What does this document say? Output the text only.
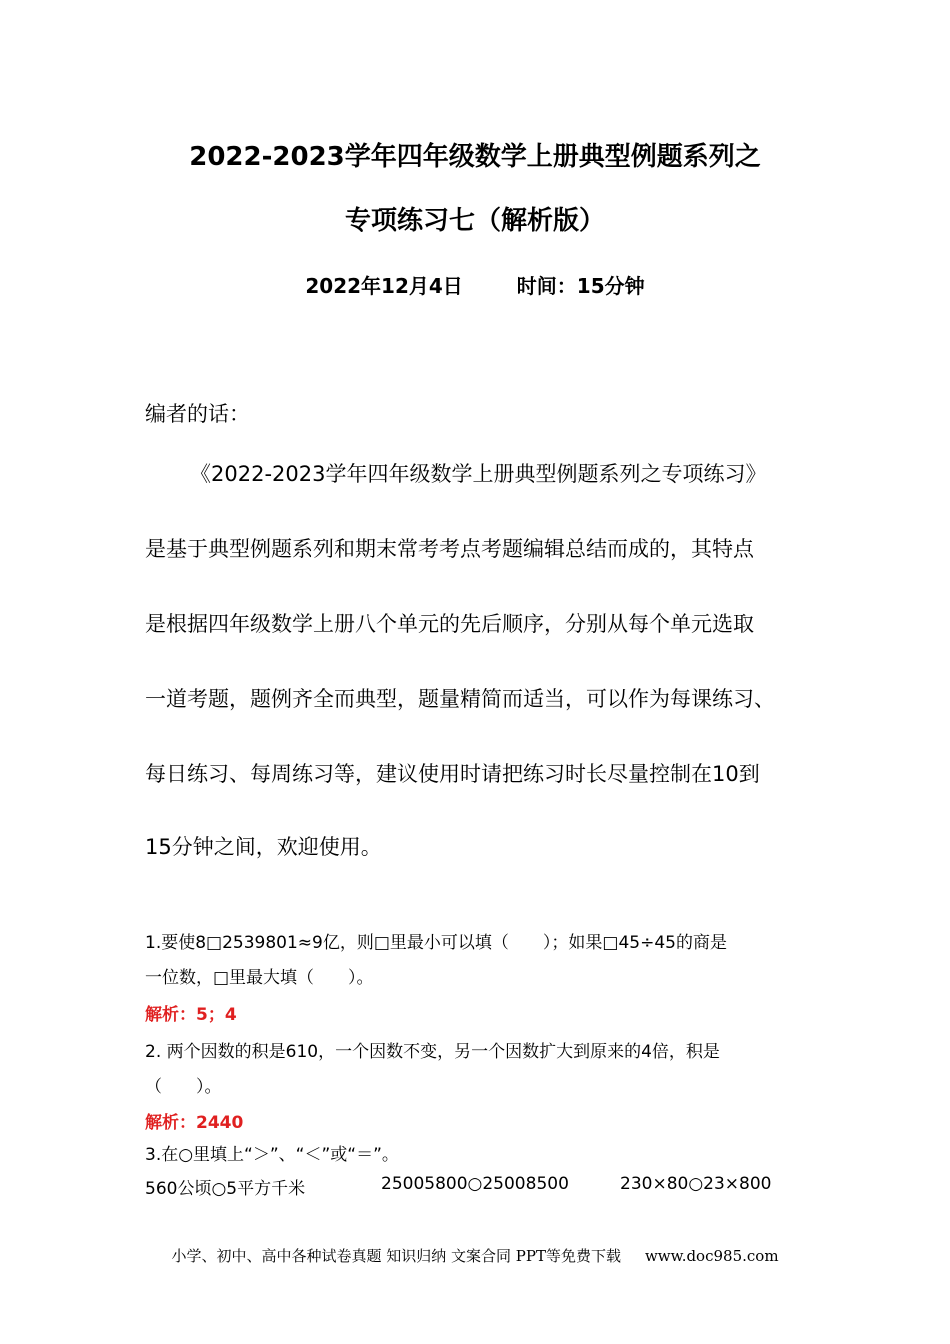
2022-2023学年四年级数学上册典型例题系列之
专项练习七（解析版）
2022年12月4日	时间：15分钟
编者的话：
《2022-2023学年四年级数学上册典型例题系列之专项练习》
是基于典型例题系列和期末常考考点考题编辑总结而成的，其特点
是根据四年级数学上册八个单元的先后顺序，分别从每个单元选取
一道考题，题例齐全而典型，题量精简而适当，可以作为每课练习、
每日练习、每周练习等，建议使用时请把练习时长尽量控制在10到
15分钟之间，欢迎使用。
1.要使8□2539801≈9亿，则□里最小可以填（　　）；如果□45÷45的商是
一位数，□里最大填（　　）。
解析：5；4
2. 两个因数的积是610，一个因数不变，另一个因数扩大到原来的4倍，积是
（　　）。
解析：2440
3.在○里填上“＞”、“＜”或“＝”。
560公顷○5平方千米	25005800○25008500	230×80○23×800
小学、初中、高中各种试卷真题 知识归纳 文案合同 PPT等免费下载 www.doc985.com
